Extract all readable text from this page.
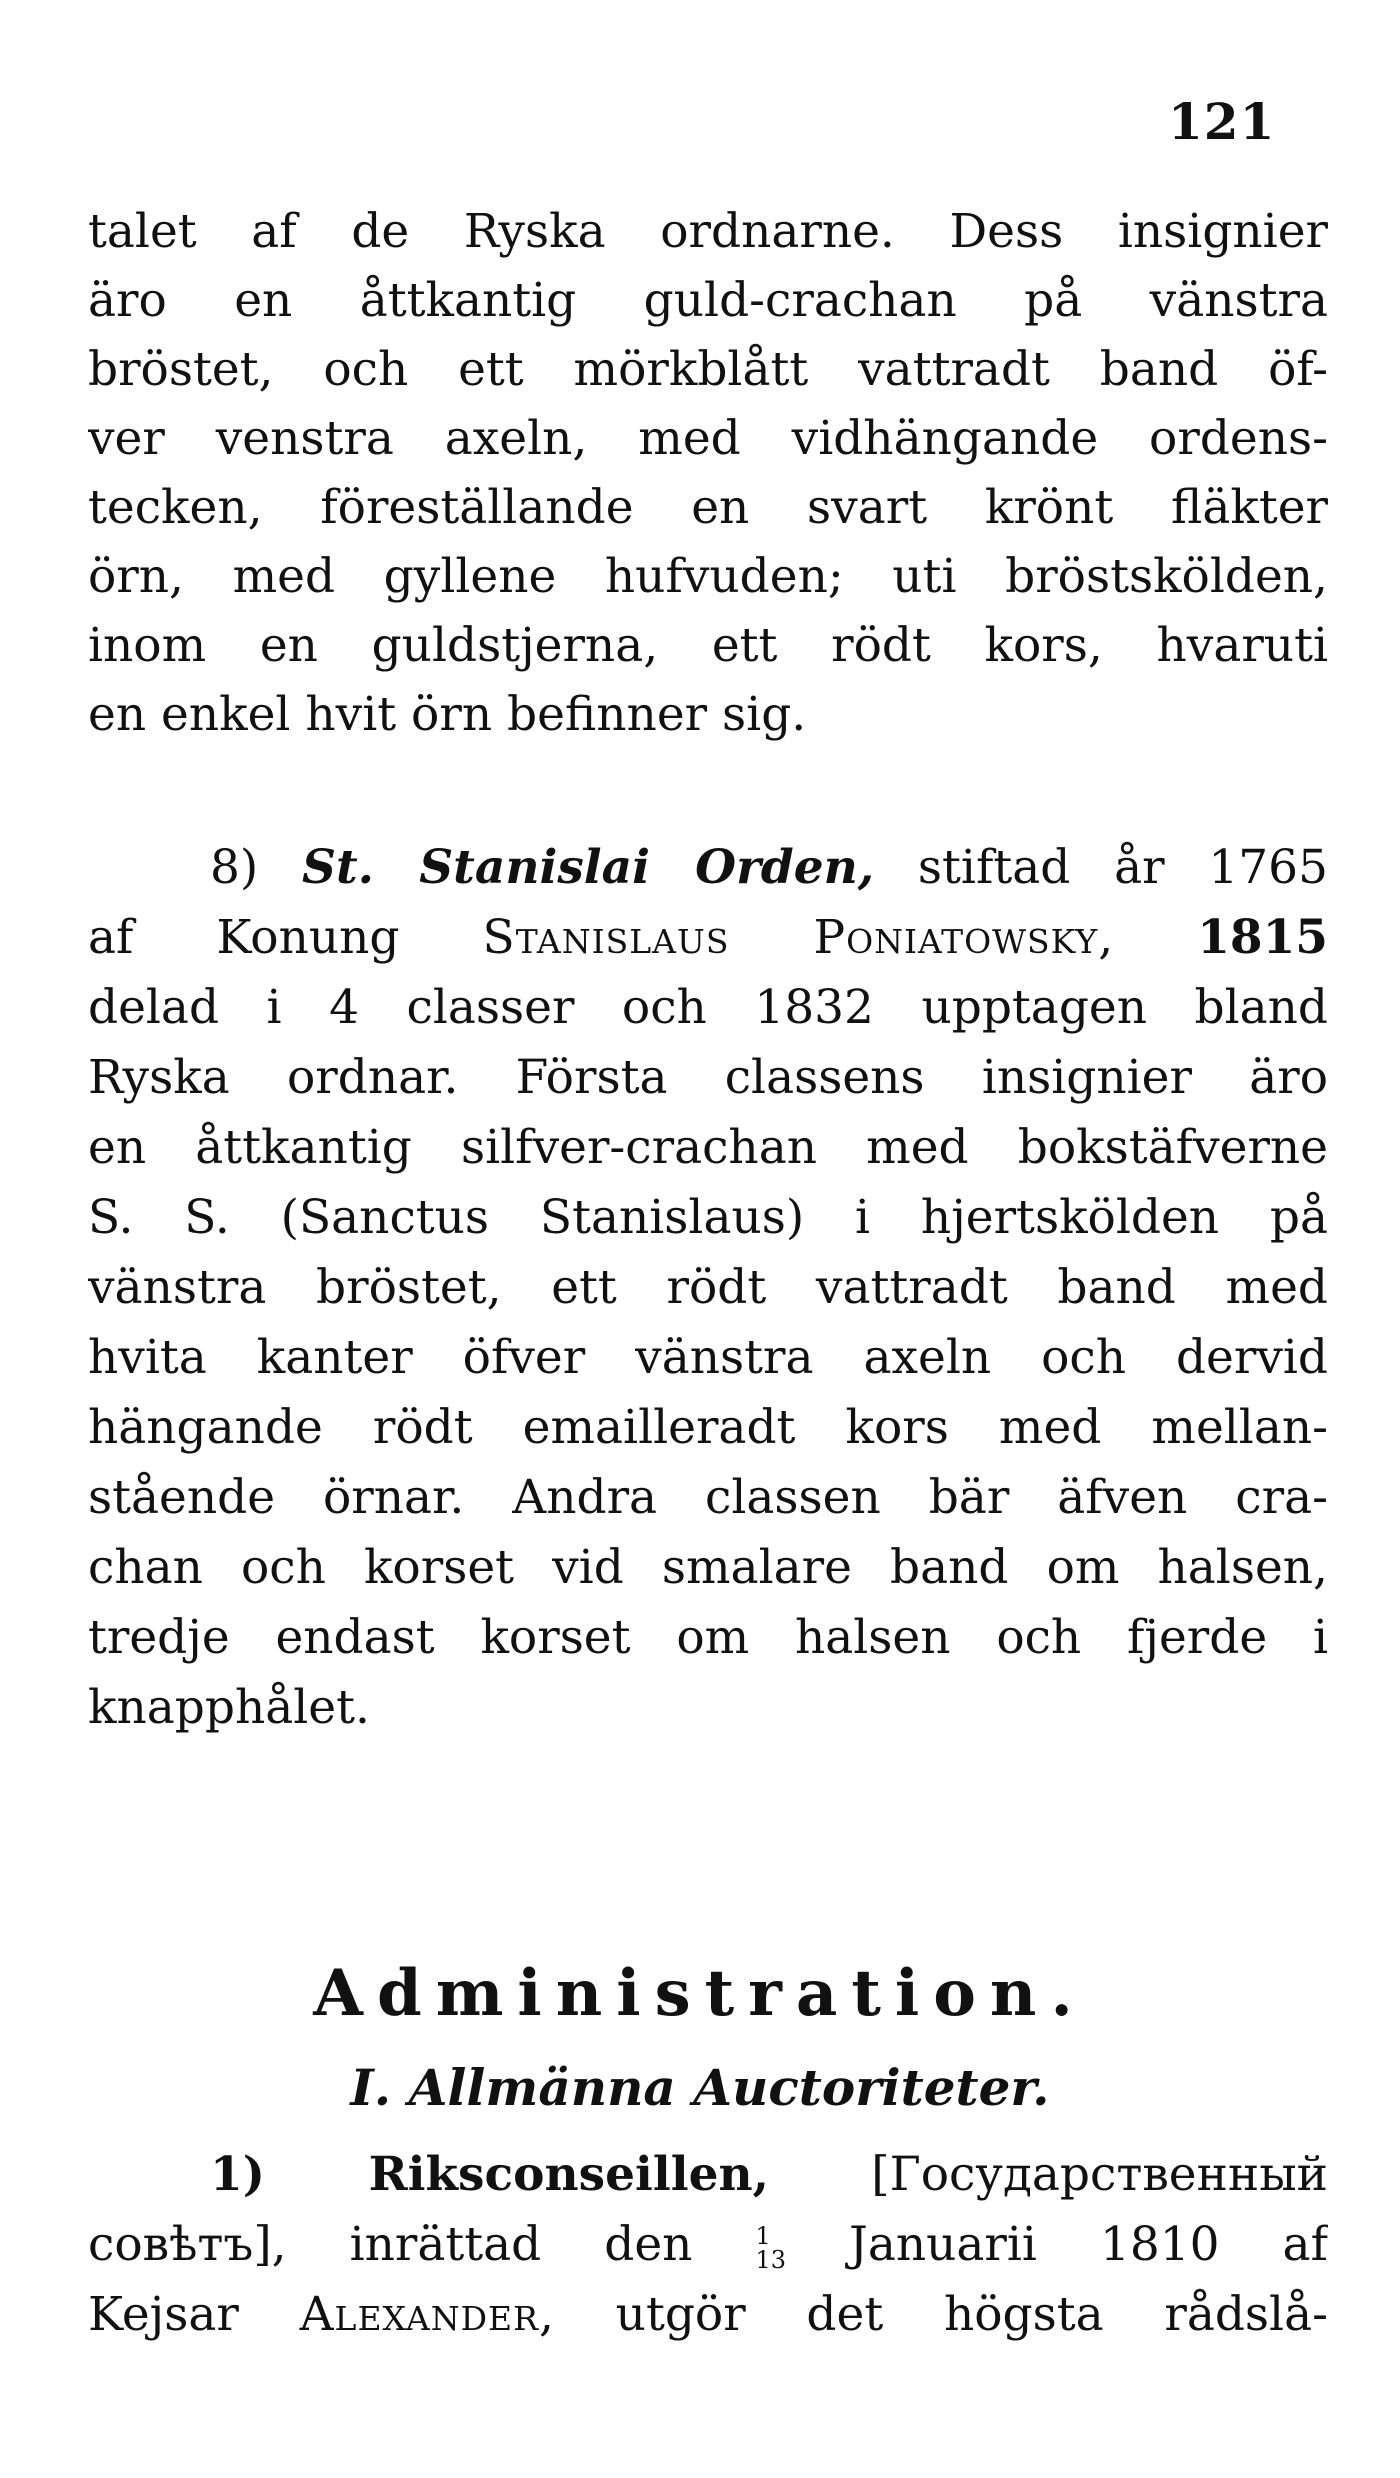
121
talet af de Ryska ordnarne. Dess insignier
äro en åttkantig guld-crachan på vänstra
bröstet, och ett mörkblått vattradt band öf-
ver venstra axeln, med vidhängande ordens-
tecken, föreställande en svart krönt fläkter
örn, med gyllene hufvuden; uti bröstskölden,
inom en guldstjerna, ett rödt kors, hvaruti
en enkel hvit örn befinner sig.
8) St. Stanislai Orden, stiftad år 1765
af Konung Stanislaus Poniatowsky, 1815
delad i 4 classer och 1832 upptagen bland
Ryska ordnar. Första classens insignier äro
en åttkantig silfver-crachan med bokstäfverne
S. S. (Sanctus Stanislaus) i hjertskölden på
vänstra bröstet, ett rödt vattradt band med
hvita kanter öfver vänstra axeln och dervid
hängande rödt emailleradt kors med mellan-
stående örnar. Andra classen bär äfven cra-
chan och korset vid smalare band om halsen,
tredje endast korset om halsen och fjerde i
knapphålet.
Administration.
I. Allmänna Auctoriteter.
1) Riksconseillen, [Государственный
совѣтъ], inrättad den	1
13 Januarii 1810 af
Kejsar Alexander, utgör det högsta rådslå-
